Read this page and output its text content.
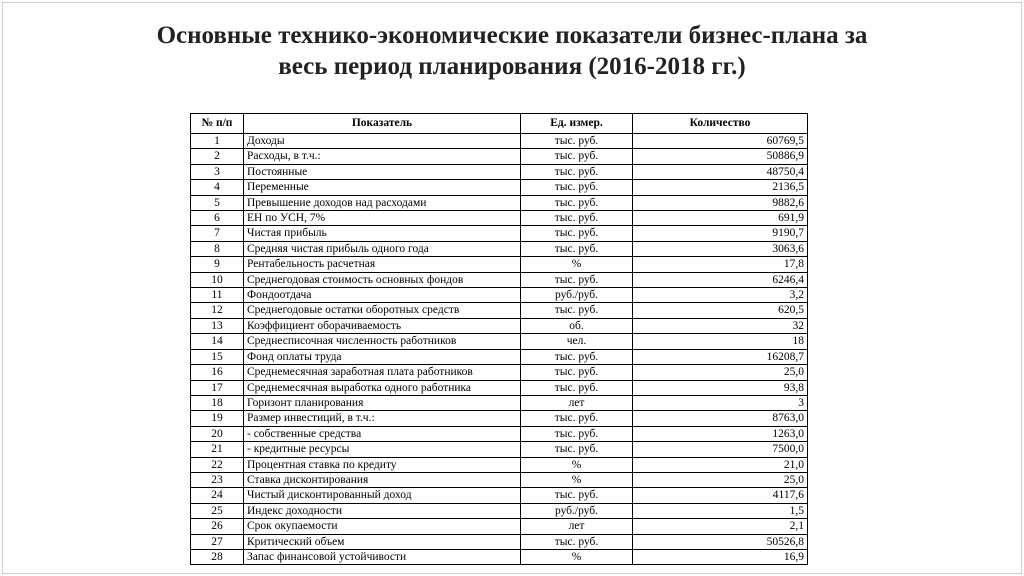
Основные технико-экономические показатели бизнес-плана за
весь период планирования (2016-2018 гг.)
№ п/п	Показатель	Ед. измер.	Количество
1	Доходы	тыс. руб.	60769,5
2	Расходы, в т.ч.:	тыс. руб.	50886,9
3	Постоянные	тыс. руб.	48750,4
4	Переменные	тыс. руб.	2136,5
5	Превышение доходов над расходами	тыс. руб.	9882,6
6	ЕН по УСН, 7%	тыс. руб.	691,9
7	Чистая прибыль	тыс. руб.	9190,7
8	Средняя чистая прибыль одного года	тыс. руб.	3063,6
9	Рентабельность расчетная	%	17,8
10	Среднегодовая стоимость основных фондов	тыс. руб.	6246,4
11	Фондоотдача	руб./руб.	3,2
12	Среднегодовые остатки оборотных средств	тыс. руб.	620,5
13	Коэффициент оборачиваемость	об.	32
14	Среднесписочная численность работников	чел.	18
15	Фонд оплаты труда	тыс. руб.	16208,7
16	Среднемесячная заработная плата работников	тыс. руб.	25,0
17	Среднемесячная выработка одного работника	тыс. руб.	93,8
18	Горизонт планирования	лет	3
19	Размер инвестиций, в т.ч.:	тыс. руб.	8763,0
20	- собственные средства	тыс. руб.	1263,0
21	- кредитные ресурсы	тыс. руб.	7500,0
22	Процентная ставка по кредиту	%	21,0
23	Ставка дисконтирования	%	25,0
24	Чистый дисконтированный доход	тыс. руб.	4117,6
25	Индекс доходности	руб./руб.	1,5
26	Срок окупаемости	лет	2,1
27	Критический объем	тыс. руб.	50526,8
28	Запас финансовой устойчивости	%	16,9
